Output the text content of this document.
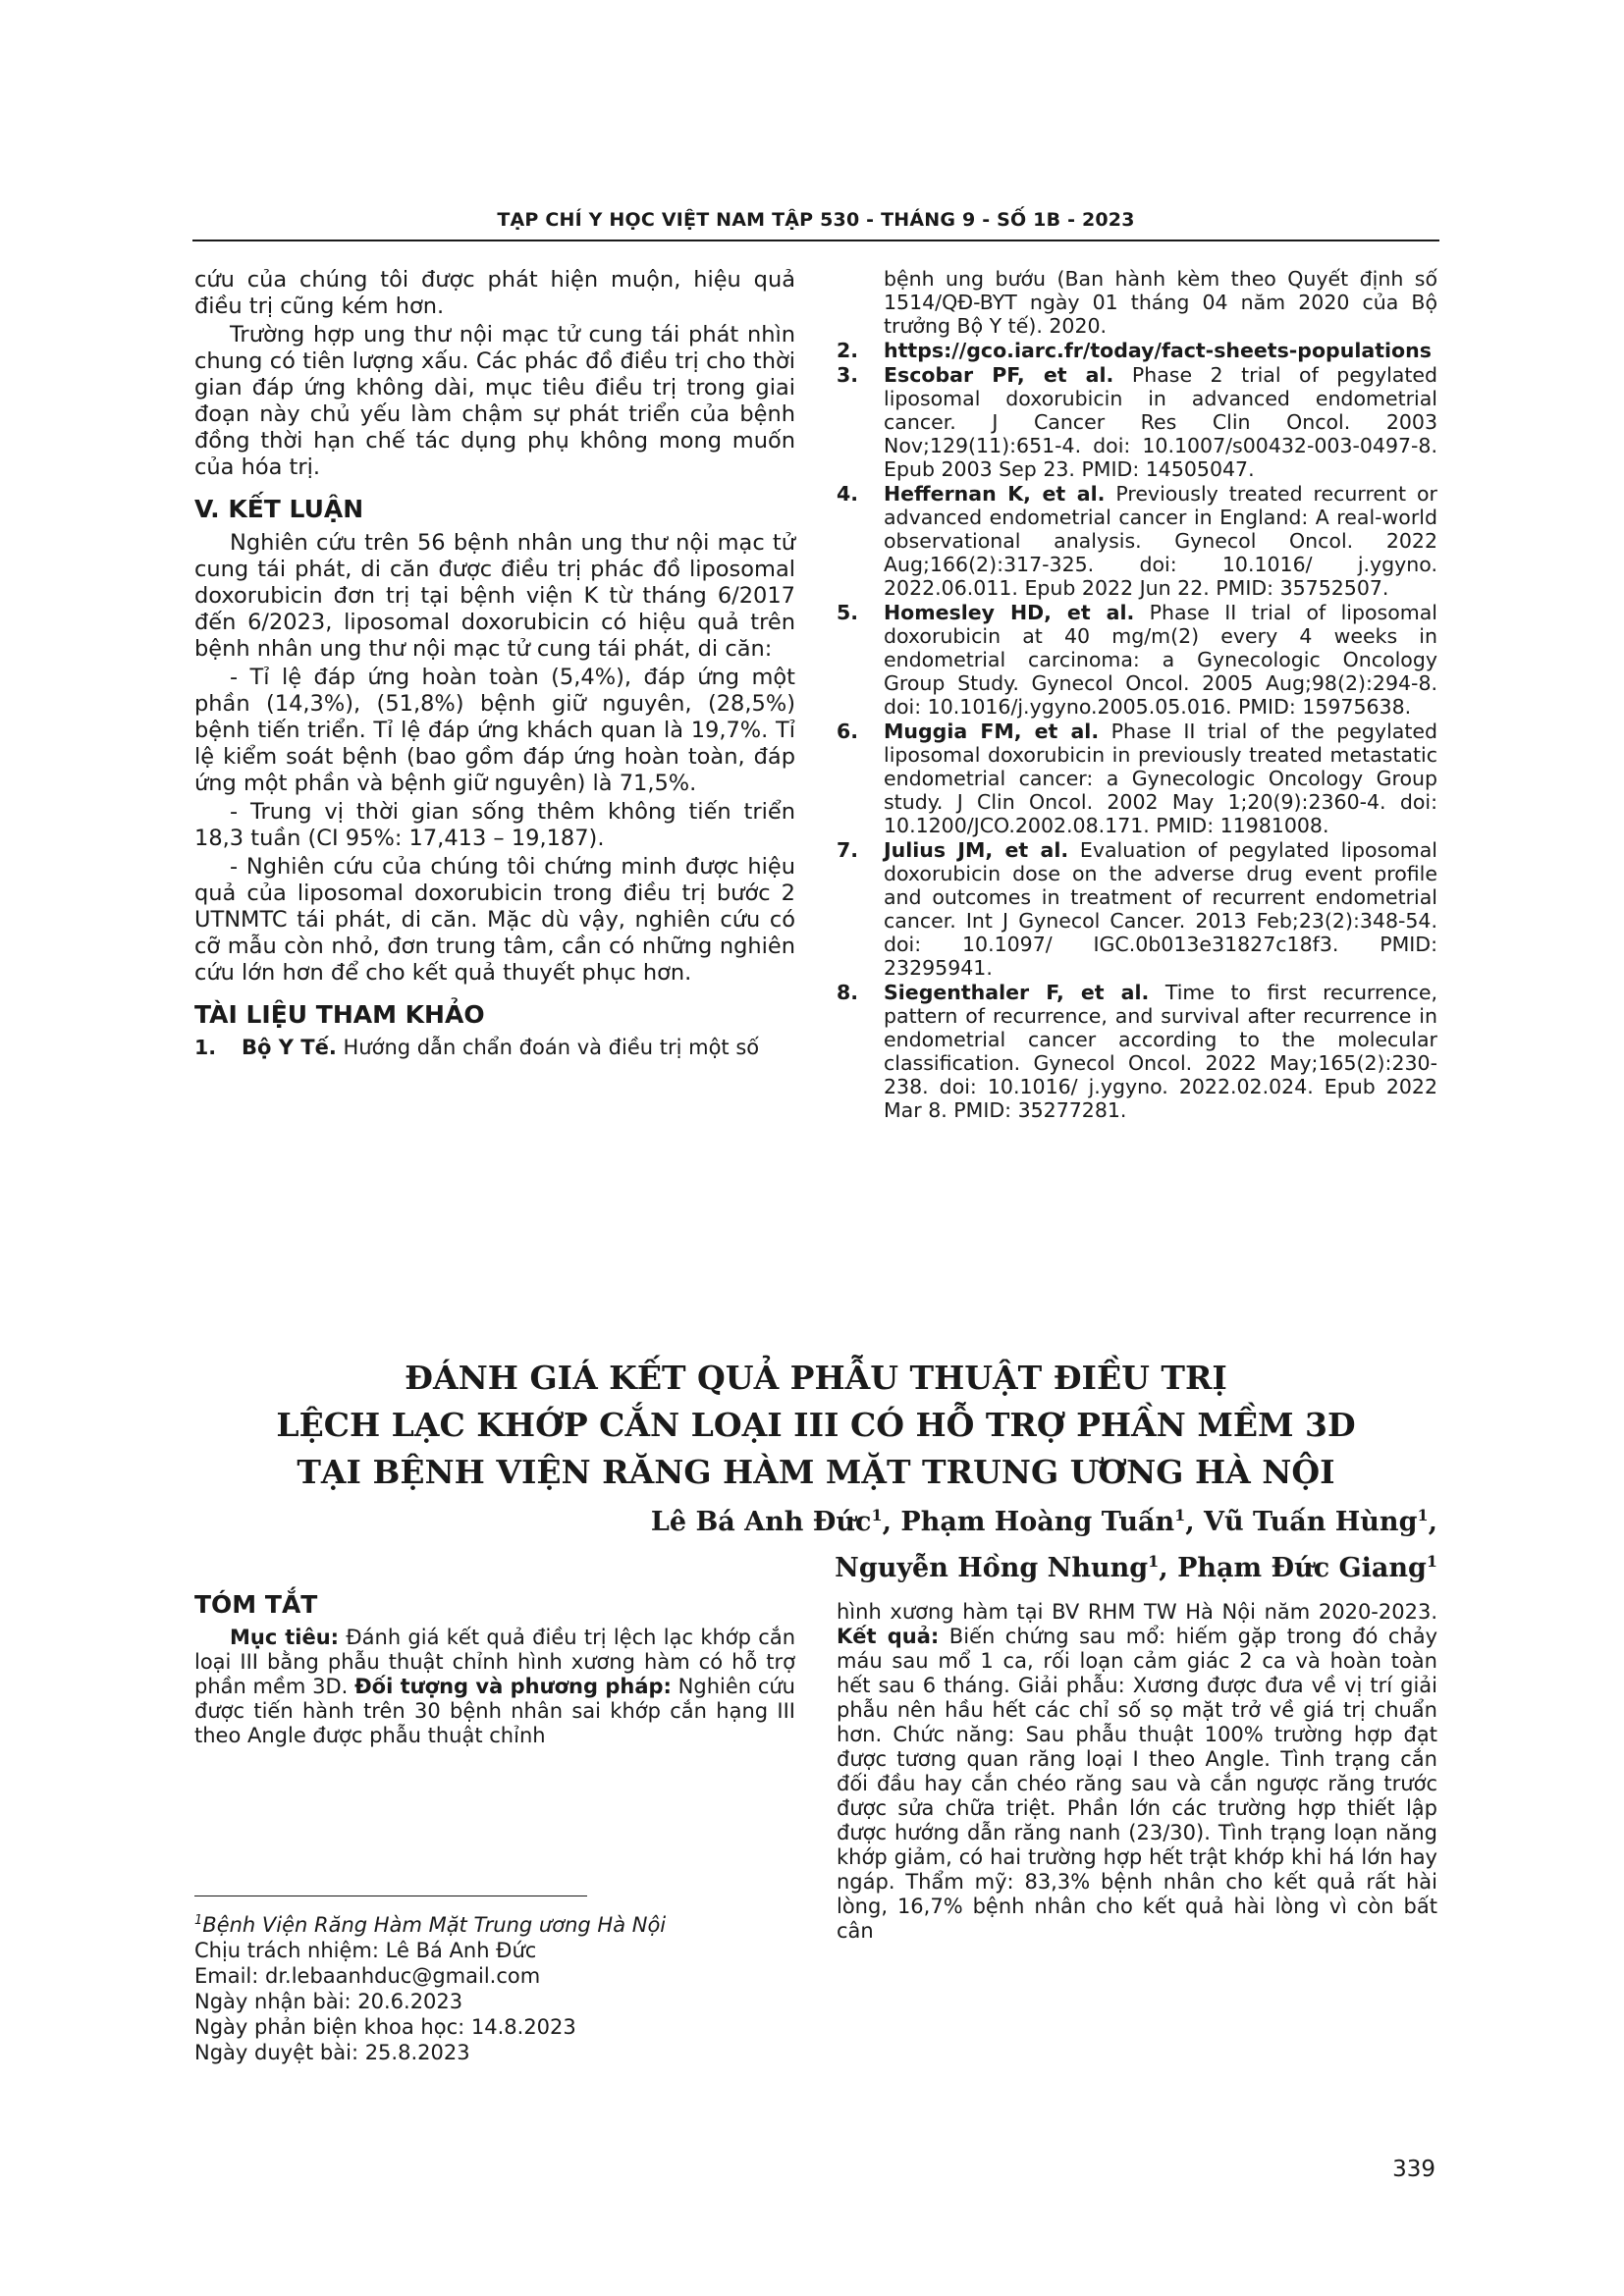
TẠP CHÍ Y HỌC VIỆT NAM TẬP 530 - THÁNG 9 - SỐ 1B - 2023

cứu của chúng tôi được phát hiện muộn, hiệu quả điều trị cũng kém hơn.

Trường hợp ung thư nội mạc tử cung tái phát nhìn chung có tiên lượng xấu. Các phác đồ điều trị cho thời gian đáp ứng không dài, mục tiêu điều trị trong giai đoạn này chủ yếu làm chậm sự phát triển của bệnh đồng thời hạn chế tác dụng phụ không mong muốn của hóa trị.

V. KẾT LUẬN

Nghiên cứu trên 56 bệnh nhân ung thư nội mạc tử cung tái phát, di căn được điều trị phác đồ liposomal doxorubicin đơn trị tại bệnh viện K từ tháng 6/2017 đến 6/2023, liposomal doxorubicin có hiệu quả trên bệnh nhân ung thư nội mạc tử cung tái phát, di căn:

- Tỉ lệ đáp ứng hoàn toàn (5,4%), đáp ứng một phần (14,3%), (51,8%) bệnh giữ nguyên, (28,5%) bệnh tiến triển. Tỉ lệ đáp ứng khách quan là 19,7%. Tỉ lệ kiểm soát bệnh (bao gồm đáp ứng hoàn toàn, đáp ứng một phần và bệnh giữ nguyên) là 71,5%.

- Trung vị thời gian sống thêm không tiến triển 18,3 tuần (CI 95%: 17,413 – 19,187).

- Nghiên cứu của chúng tôi chứng minh được hiệu quả của liposomal doxorubicin trong điều trị bước 2 UTNMTC tái phát, di căn. Mặc dù vậy, nghiên cứu có cỡ mẫu còn nhỏ, đơn trung tâm, cần có những nghiên cứu lớn hơn để cho kết quả thuyết phục hơn.

TÀI LIỆU THAM KHẢO
1.	Bộ Y Tế. Hướng dẫn chẩn đoán và điều trị một số
bệnh ung bướu (Ban hành kèm theo Quyết định số 1514/QĐ-BYT ngày 01 tháng 04 năm 2020 của Bộ trưởng Bộ Y tế). 2020.
2.	https://gco.iarc.fr/today/fact-sheets-populations
3.	Escobar PF, et al. Phase 2 trial of pegylated liposomal doxorubicin in advanced endometrial cancer. J Cancer Res Clin Oncol. 2003 Nov;129(11):651-4. doi: 10.1007/s00432-003-0497-8. Epub 2003 Sep 23. PMID: 14505047.
4.	Heffernan K, et al. Previously treated recurrent or advanced endometrial cancer in England: A real-world observational analysis. Gynecol Oncol. 2022 Aug;166(2):317-325. doi: 10.1016/ j.ygyno. 2022.06.011. Epub 2022 Jun 22. PMID: 35752507.
5.	Homesley HD, et al. Phase II trial of liposomal doxorubicin at 40 mg/m(2) every 4 weeks in endometrial carcinoma: a Gynecologic Oncology Group Study. Gynecol Oncol. 2005 Aug;98(2):294-8. doi: 10.1016/j.ygyno.2005.05.016. PMID: 15975638.
6.	Muggia FM, et al. Phase II trial of the pegylated liposomal doxorubicin in previously treated metastatic endometrial cancer: a Gynecologic Oncology Group study. J Clin Oncol. 2002 May 1;20(9):2360-4. doi: 10.1200/JCO.2002.08.171. PMID: 11981008.
7.	Julius JM, et al. Evaluation of pegylated liposomal doxorubicin dose on the adverse drug event profile and outcomes in treatment of recurrent endometrial cancer. Int J Gynecol Cancer. 2013 Feb;23(2):348-54. doi: 10.1097/ IGC.0b013e31827c18f3. PMID: 23295941.
8.	Siegenthaler F, et al. Time to first recurrence, pattern of recurrence, and survival after recurrence in endometrial cancer according to the molecular classification. Gynecol Oncol. 2022 May;165(2):230-238. doi: 10.1016/ j.ygyno. 2022.02.024. Epub 2022 Mar 8. PMID: 35277281.
ĐÁNH GIÁ KẾT QUẢ PHẪU THUẬT ĐIỀU TRỊ
LỆCH LẠC KHỚP CẮN LOẠI III CÓ HỖ TRỢ PHẦN MỀM 3D
TẠI BỆNH VIỆN RĂNG HÀM MẶT TRUNG ƯƠNG HÀ NỘI
Lê Bá Anh Đức$^1$, Phạm Hoàng Tuấn$^1$, Vũ Tuấn Hùng$^1$,
Nguyễn Hồng Nhung$^1$, Phạm Đức Giang$^1$
TÓM TẮT

Mục tiêu: Đánh giá kết quả điều trị lệch lạc khớp cắn loại III bằng phẫu thuật chỉnh hình xương hàm có hỗ trợ phần mềm 3D. Đối tượng và phương pháp: Nghiên cứu được tiến hành trên 30 bệnh nhân sai khớp cắn hạng III theo Angle được phẫu thuật chỉnh

hình xương hàm tại BV RHM TW Hà Nội năm 2020-2023. Kết quả: Biến chứng sau mổ: hiếm gặp trong đó chảy máu sau mổ 1 ca, rối loạn cảm giác 2 ca và hoàn toàn hết sau 6 tháng. Giải phẫu: Xương được đưa về vị trí giải phẫu nên hầu hết các chỉ số sọ mặt trở về giá trị chuẩn hơn. Chức năng: Sau phẫu thuật 100% trường hợp đạt được tương quan răng loại I theo Angle. Tình trạng cắn đối đầu hay cắn chéo răng sau và cắn ngược răng trước được sửa chữa triệt. Phần lớn các trường hợp thiết lập được hướng dẫn răng nanh (23/30). Tình trạng loạn năng khớp giảm, có hai trường hợp hết trật khớp khi há lớn hay ngáp. Thẩm mỹ: 83,3% bệnh nhân cho kết quả rất hài lòng, 16,7% bệnh nhân cho kết quả hài lòng vì còn bất cân

$^1$Bệnh Viện Răng Hàm Mặt Trung ương Hà Nội

Chịu trách nhiệm: Lê Bá Anh Đức

Email: dr.lebaanhduc@gmail.com

Ngày nhận bài: 20.6.2023

Ngày phản biện khoa học: 14.8.2023

Ngày duyệt bài: 25.8.2023

339
